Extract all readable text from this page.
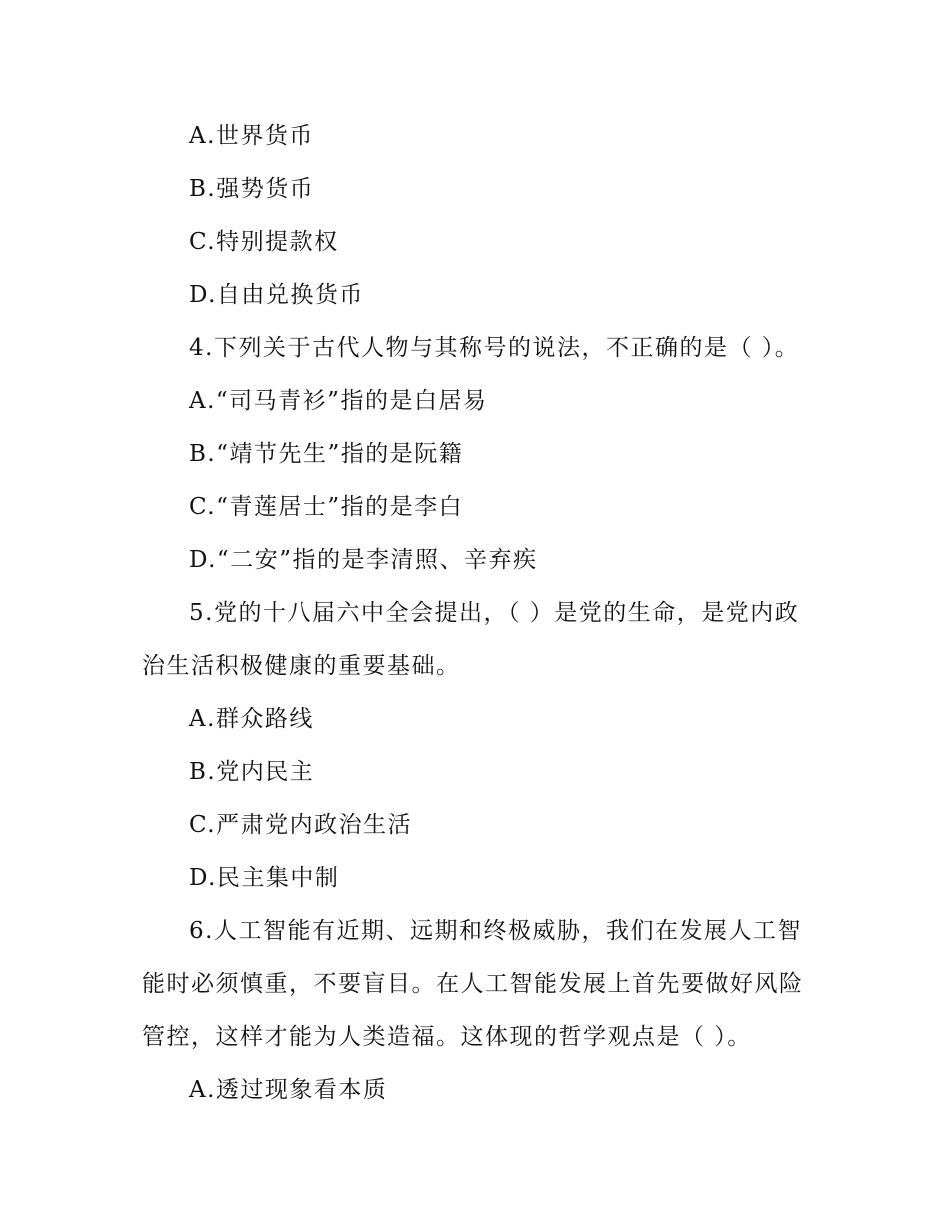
A.世界货币

B.强势货币

C.特别提款权

D.自由兑换货币

4.下列关于古代人物与其称号的说法，不正确的是（ ）。

A.“司马青衫”指的是白居易

B.“靖节先生”指的是阮籍

C.“青莲居士”指的是李白

D.“二安”指的是李清照、辛弃疾

5.党的十八届六中全会提出，（ ）是党的生命，是党内政

治生活积极健康的重要基础。

A.群众路线

B.党内民主

C.严肃党内政治生活

D.民主集中制

6.人工智能有近期、远期和终极威胁，我们在发展人工智

能时必须慎重，不要盲目。在人工智能发展上首先要做好风险

管控，这样才能为人类造福。这体现的哲学观点是（ ）。

A.透过现象看本质
